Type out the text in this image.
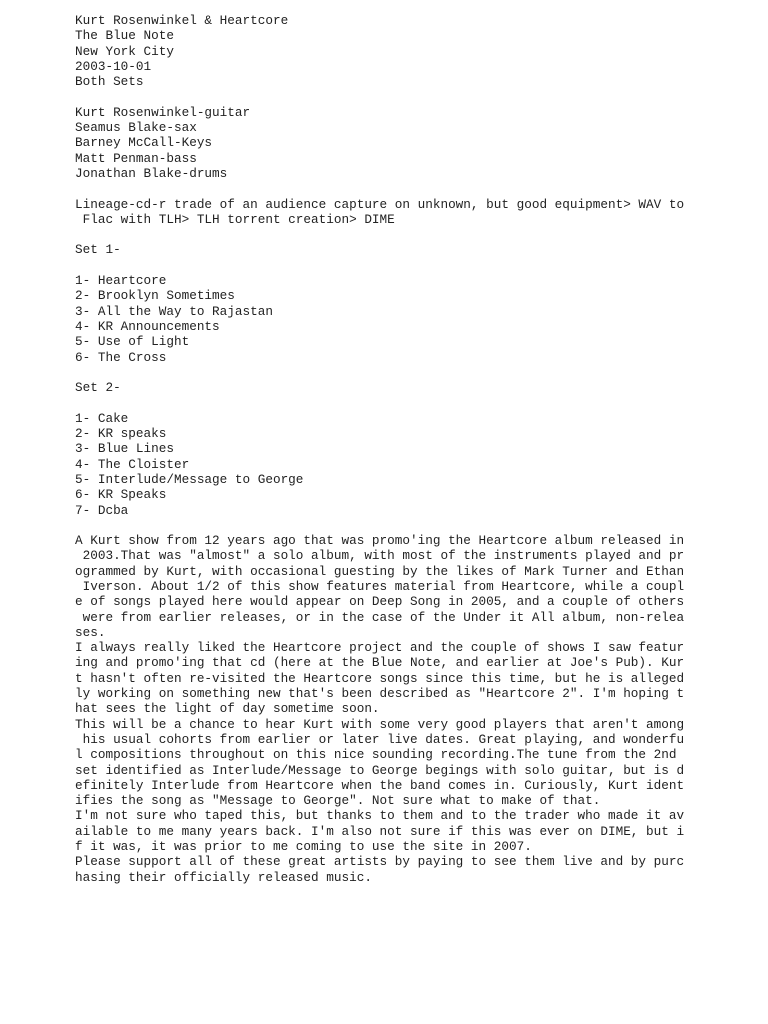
Kurt Rosenwinkel & Heartcore
The Blue Note
New York City
2003-10-01
Both Sets
Kurt Rosenwinkel-guitar
Seamus Blake-sax
Barney McCall-Keys
Matt Penman-bass
Jonathan Blake-drums
Lineage-cd-r trade of an audience capture on unknown, but good equipment> WAV to
Flac with TLH> TLH torrent creation> DIME
Set 1-
1- Heartcore
2- Brooklyn Sometimes
3- All the Way to Rajastan
4- KR Announcements
5- Use of Light
6- The Cross
Set 2-
1- Cake
2- KR speaks
3- Blue Lines
4- The Cloister
5- Interlude/Message to George
6- KR Speaks
7- Dcba
A Kurt show from 12 years ago that was promo'ing the Heartcore album released in
2003.That was "almost" a solo album, with most of the instruments played and pr
ogrammed by Kurt, with occasional guesting by the likes of Mark Turner and Ethan
Iverson. About 1/2 of this show features material from Heartcore, while a coupl
e of songs played here would appear on Deep Song in 2005, and a couple of others
were from earlier releases, or in the case of the Under it All album, non-relea
ses.
I always really liked the Heartcore project and the couple of shows I saw featur
ing and promo'ing that cd (here at the Blue Note, and earlier at Joe's Pub). Kur
t hasn't often re-visited the Heartcore songs since this time, but he is alleged
ly working on something new that's been described as "Heartcore 2". I'm hoping t
hat sees the light of day sometime soon.
This will be a chance to hear Kurt with some very good players that aren't among
his usual cohorts from earlier or later live dates. Great playing, and wonderfu
l compositions throughout on this nice sounding recording.The tune from the 2nd
set identified as Interlude/Message to George begings with solo guitar, but is d
efinitely Interlude from Heartcore when the band comes in. Curiously, Kurt ident
ifies the song as "Message to George". Not sure what to make of that.
I'm not sure who taped this, but thanks to them and to the trader who made it av
ailable to me many years back. I'm also not sure if this was ever on DIME, but i
f it was, it was prior to me coming to use the site in 2007.
Please support all of these great artists by paying to see them live and by purc
hasing their officially released music.
